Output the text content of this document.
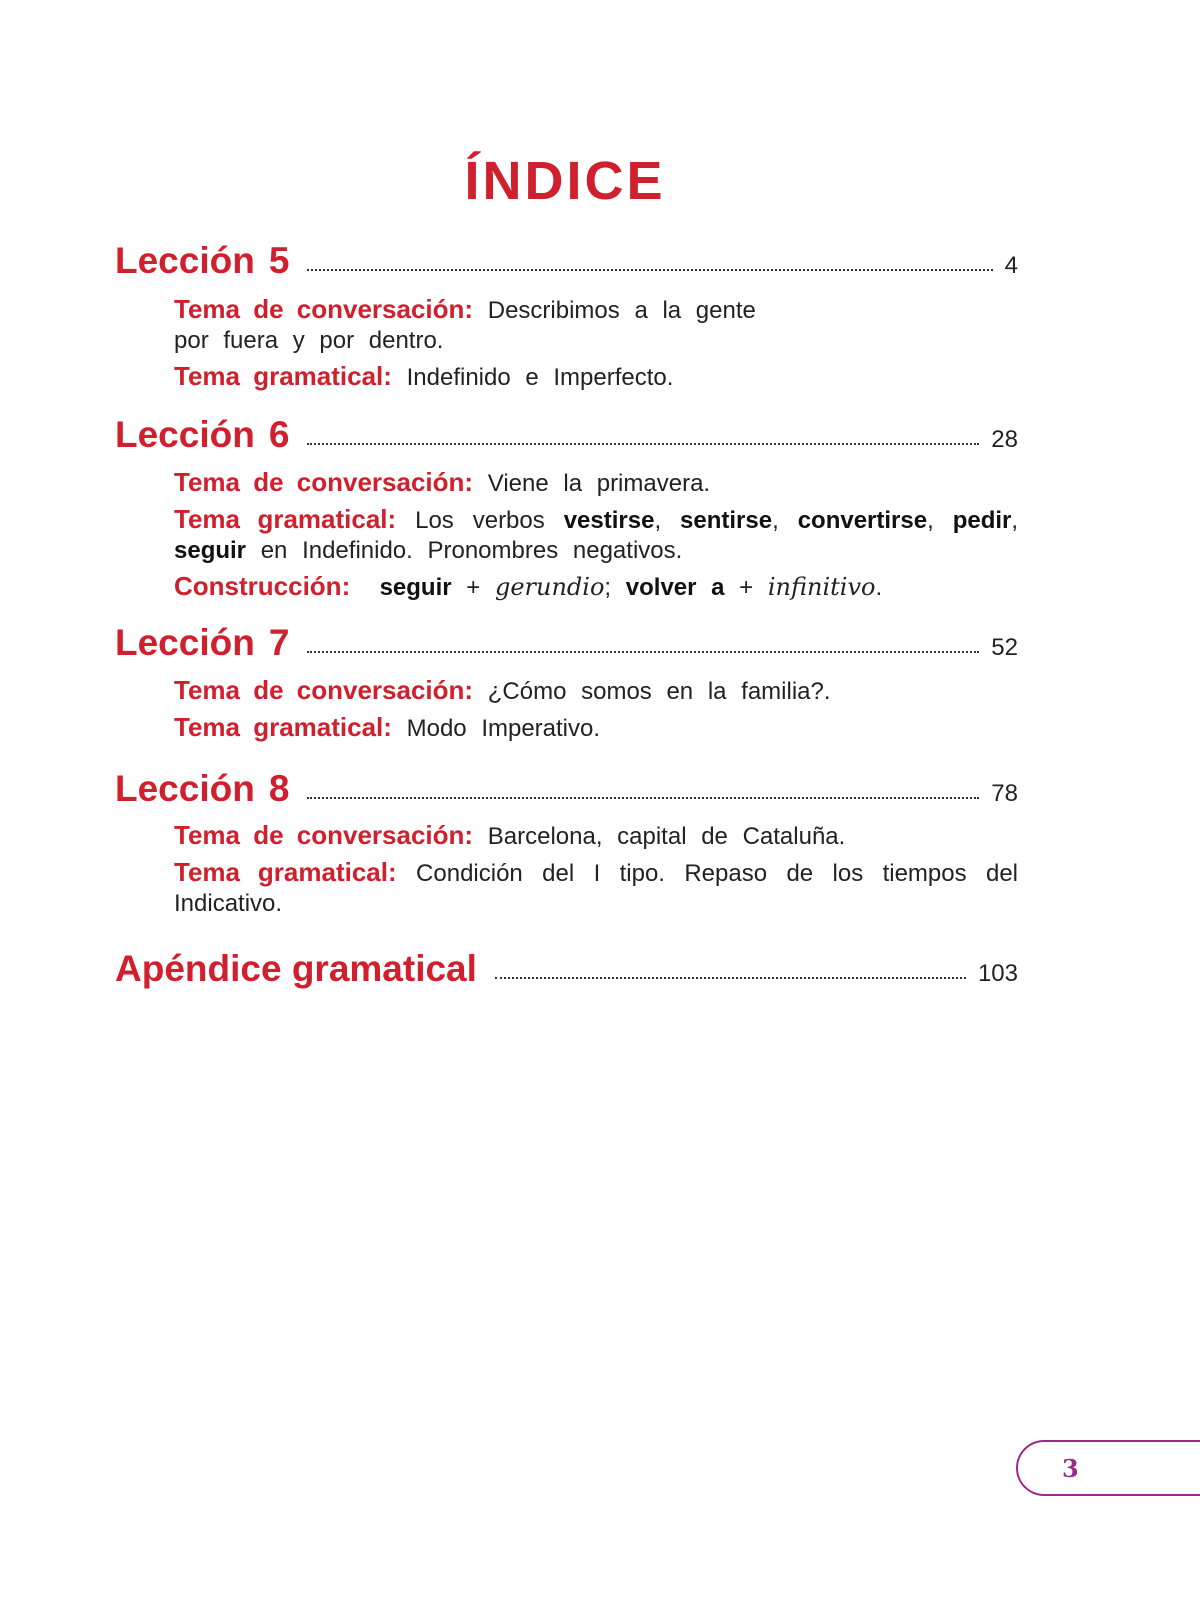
ÍNDICE
Lección 5	4

Tema de conversación: Describimos a la gente

por fuera y por dentro.

Tema gramatical: Indefinido e Imperfecto.

Lección 6	28

Tema de conversación: Viene la primavera.

Tema gramatical: Los verbos vestirse, sentirse, convertirse, pedir, seguir en Indefinido. Pronombres negativos.

Construcción: seguir + gerundio; volver a + infinitivo.

Lección 7	52

Tema de conversación: ¿Cómo somos en la familia?.

Tema gramatical: Modo Imperativo.

Lección 8	78

Tema de conversación: Barcelona, capital de Cataluña.

Tema gramatical: Condición del I tipo. Repaso de los tiempos del Indicativo.

Apéndice gramatical	103
3
